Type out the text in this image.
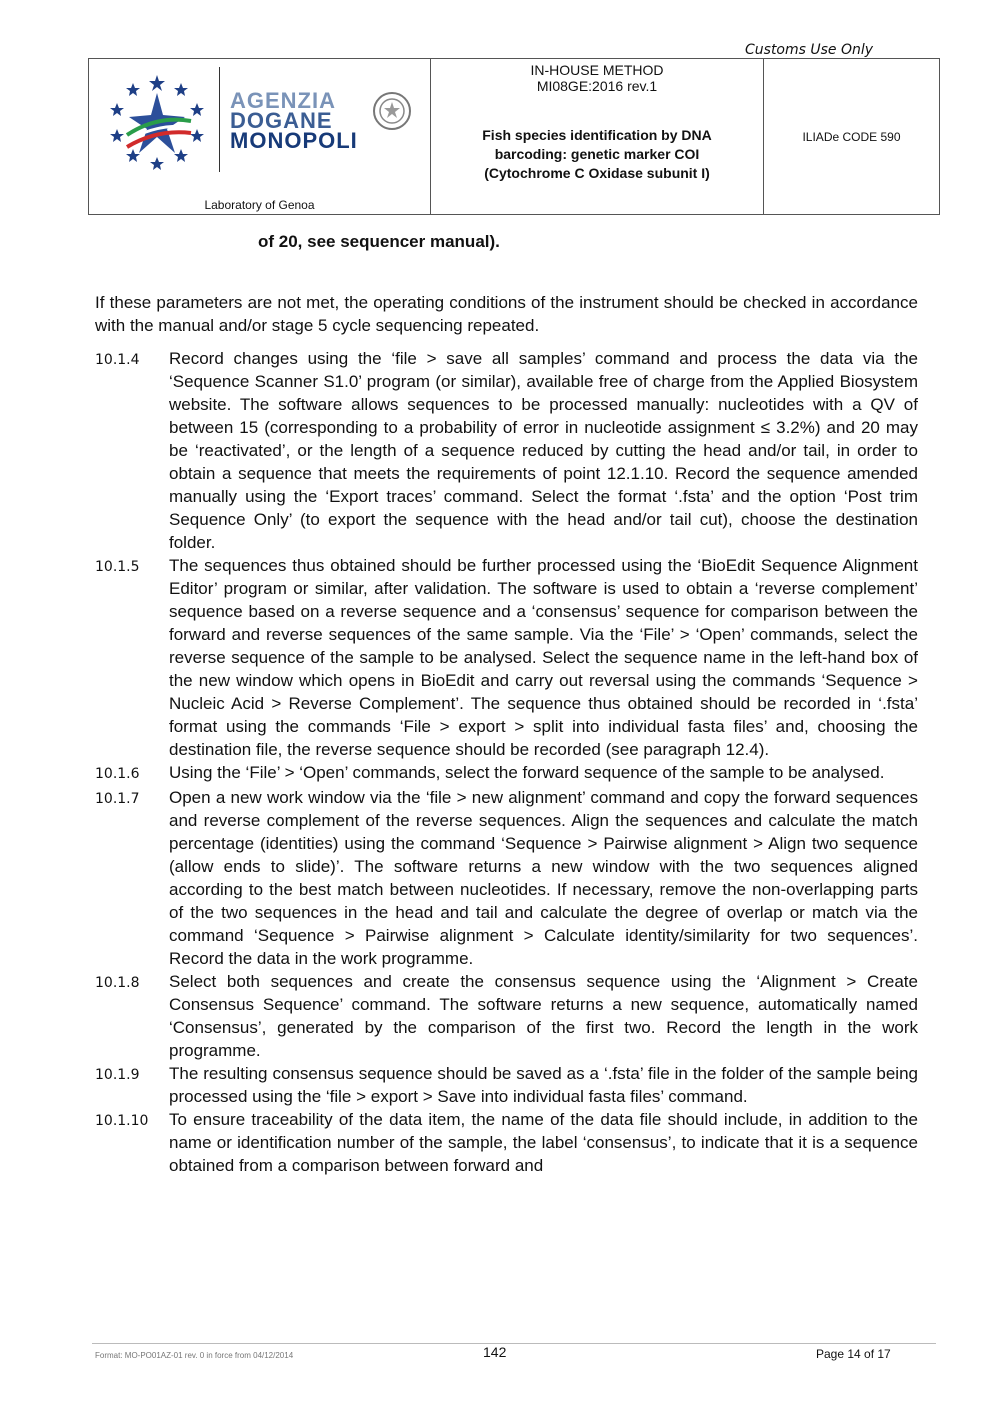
Customs Use Only
AGENZIA
DOGANE
MONOPOLI
Laboratory of Genoa
IN-HOUSE METHOD
MI08GE:2016 rev.1
Fish species identification by DNA
barcoding: genetic marker COI
(Cytochrome C Oxidase subunit I)
ILIADe CODE 590
of 20, see sequencer manual).
If these parameters are not met, the operating conditions of the instrument should be checked in accordance with the manual and/or stage 5 cycle sequencing repeated.
10.1.4	Record changes using the ‘file > save all samples’ command and process the data via the ‘Sequence Scanner S1.0’ program (or similar), available free of charge from the Applied Biosystem website. The software allows sequences to be processed manually: nucleotides with a QV of between 15 (corresponding to a probability of error in nucleotide assignment ≤ 3.2%) and 20 may be ‘reactivated’, or the length of a sequence reduced by cutting the head and/or tail, in order to obtain a sequence that meets the requirements of point 12.1.10. Record the sequence amended manually using the ‘Export traces’ command. Select the format ‘.fsta’ and the option ‘Post trim Sequence Only’ (to export the sequence with the head and/or tail cut), choose the destination folder.
10.1.5	The sequences thus obtained should be further processed using the ‘BioEdit Sequence Alignment Editor’ program or similar, after validation. The software is used to obtain a ‘reverse complement’ sequence based on a reverse sequence and a ‘consensus’ sequence for comparison between the forward and reverse sequences of the same sample. Via the ‘File’ > ‘Open’ commands, select the reverse sequence of the sample to be analysed. Select the sequence name in the left-hand box of the new window which opens in BioEdit and carry out reversal using the commands ‘Sequence > Nucleic Acid > Reverse Complement’. The sequence thus obtained should be recorded in ‘.fsta’ format using the commands ‘File > export > split into individual fasta files’ and, choosing the destination file, the reverse sequence should be recorded (see paragraph 12.4).
10.1.6	Using the ‘File’ > ‘Open’ commands, select the forward sequence of the sample to be analysed.
10.1.7	Open a new work window via the ‘file > new alignment’ command and copy the forward sequences and reverse complement of the reverse sequences. Align the sequences and calculate the match percentage (identities) using the command ‘Sequence > Pairwise alignment > Align two sequence (allow ends to slide)’. The software returns a new window with the two sequences aligned according to the best match between nucleotides. If necessary, remove the non-overlapping parts of the two sequences in the head and tail and calculate the degree of overlap or match via the command ‘Sequence > Pairwise alignment > Calculate identity/similarity for two sequences’. Record the data in the work programme.
10.1.8	Select both sequences and create the consensus sequence using the ‘Alignment > Create Consensus Sequence’ command. The software returns a new sequence, automatically named ‘Consensus’, generated by the comparison of the first two. Record the length in the work programme.
10.1.9	The resulting consensus sequence should be saved as a ‘.fsta’ file in the folder of the sample being processed using the ‘file > export > Save into individual fasta files’ command.
10.1.10	To ensure traceability of the data item, the name of the data file should include, in addition to the name or identification number of the sample, the label ‘consensus’, to indicate that it is a sequence obtained from a comparison between forward and
Format: MO-PO01AZ-01 rev. 0 in force from 04/12/2014	142	Page 14 of 17
